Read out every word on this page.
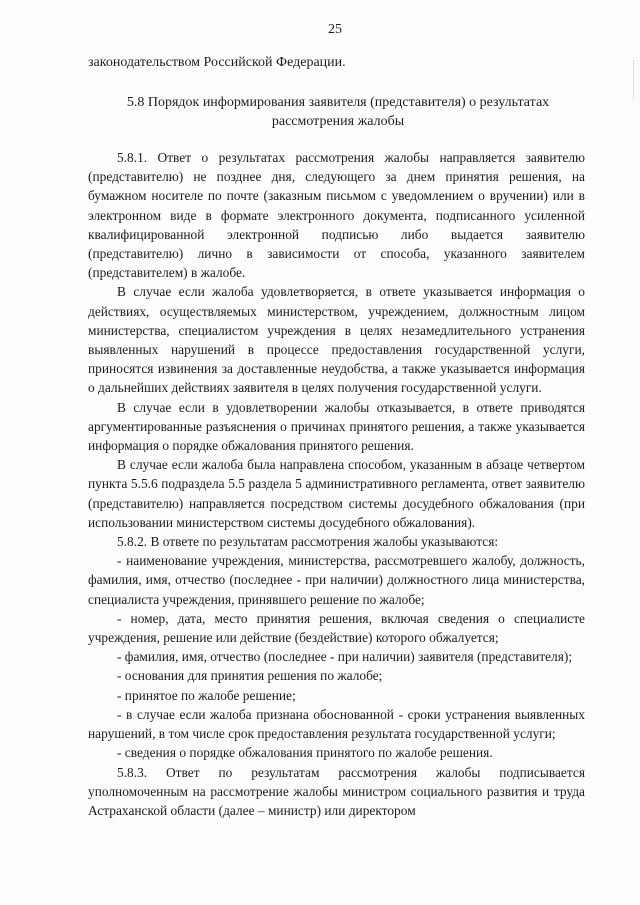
25
законодательством Российской Федерации.
5.8 Порядок информирования заявителя (представителя) о результатах рассмотрения жалобы

5.8.1. Ответ о результатах рассмотрения жалобы направляется заявителю (представителю) не позднее дня, следующего за днем принятия решения, на бумажном носителе по почте (заказным письмом с уведомлением о вручении) или в электронном виде в формате электронного документа, подписанного усиленной квалифицированной электронной подписью либо выдается заявителю (представителю) лично в зависимости от способа, указанного заявителем (представителем) в жалобе.

В случае если жалоба удовлетворяется, в ответе указывается информация о действиях, осуществляемых министерством, учреждением, должностным лицом министерства, специалистом учреждения в целях незамедлительного устранения выявленных нарушений в процессе предоставления государственной услуги, приносятся извинения за доставленные неудобства, а также указывается информация о дальнейших действиях заявителя в целях получения государственной услуги.

В случае если в удовлетворении жалобы отказывается, в ответе приводятся аргументированные разъяснения о причинах принятого решения, а также указывается информация о порядке обжалования принятого решения.

В случае если жалоба была направлена способом, указанным в абзаце четвертом пункта 5.5.6 подраздела 5.5 раздела 5 административного регламента, ответ заявителю (представителю) направляется посредством системы досудебного обжалования (при использовании министерством системы досудебного обжалования).

5.8.2. В ответе по результатам рассмотрения жалобы указываются:

- наименование учреждения, министерства, рассмотревшего жалобу, должность, фамилия, имя, отчество (последнее - при наличии) должностного лица министерства, специалиста учреждения, принявшего решение по жалобе;

- номер, дата, место принятия решения, включая сведения о специалисте учреждения, решение или действие (бездействие) которого обжалуется;

- фамилия, имя, отчество (последнее - при наличии) заявителя (представителя);

- основания для принятия решения по жалобе;

- принятое по жалобе решение;

- в случае если жалоба признана обоснованной - сроки устранения выявленных нарушений, в том числе срок предоставления результата государственной услуги;

- сведения о порядке обжалования принятого по жалобе решения.

5.8.3. Ответ по результатам рассмотрения жалобы подписывается уполномоченным на рассмотрение жалобы министром социального развития и труда Астраханской области (далее – министр) или директором
